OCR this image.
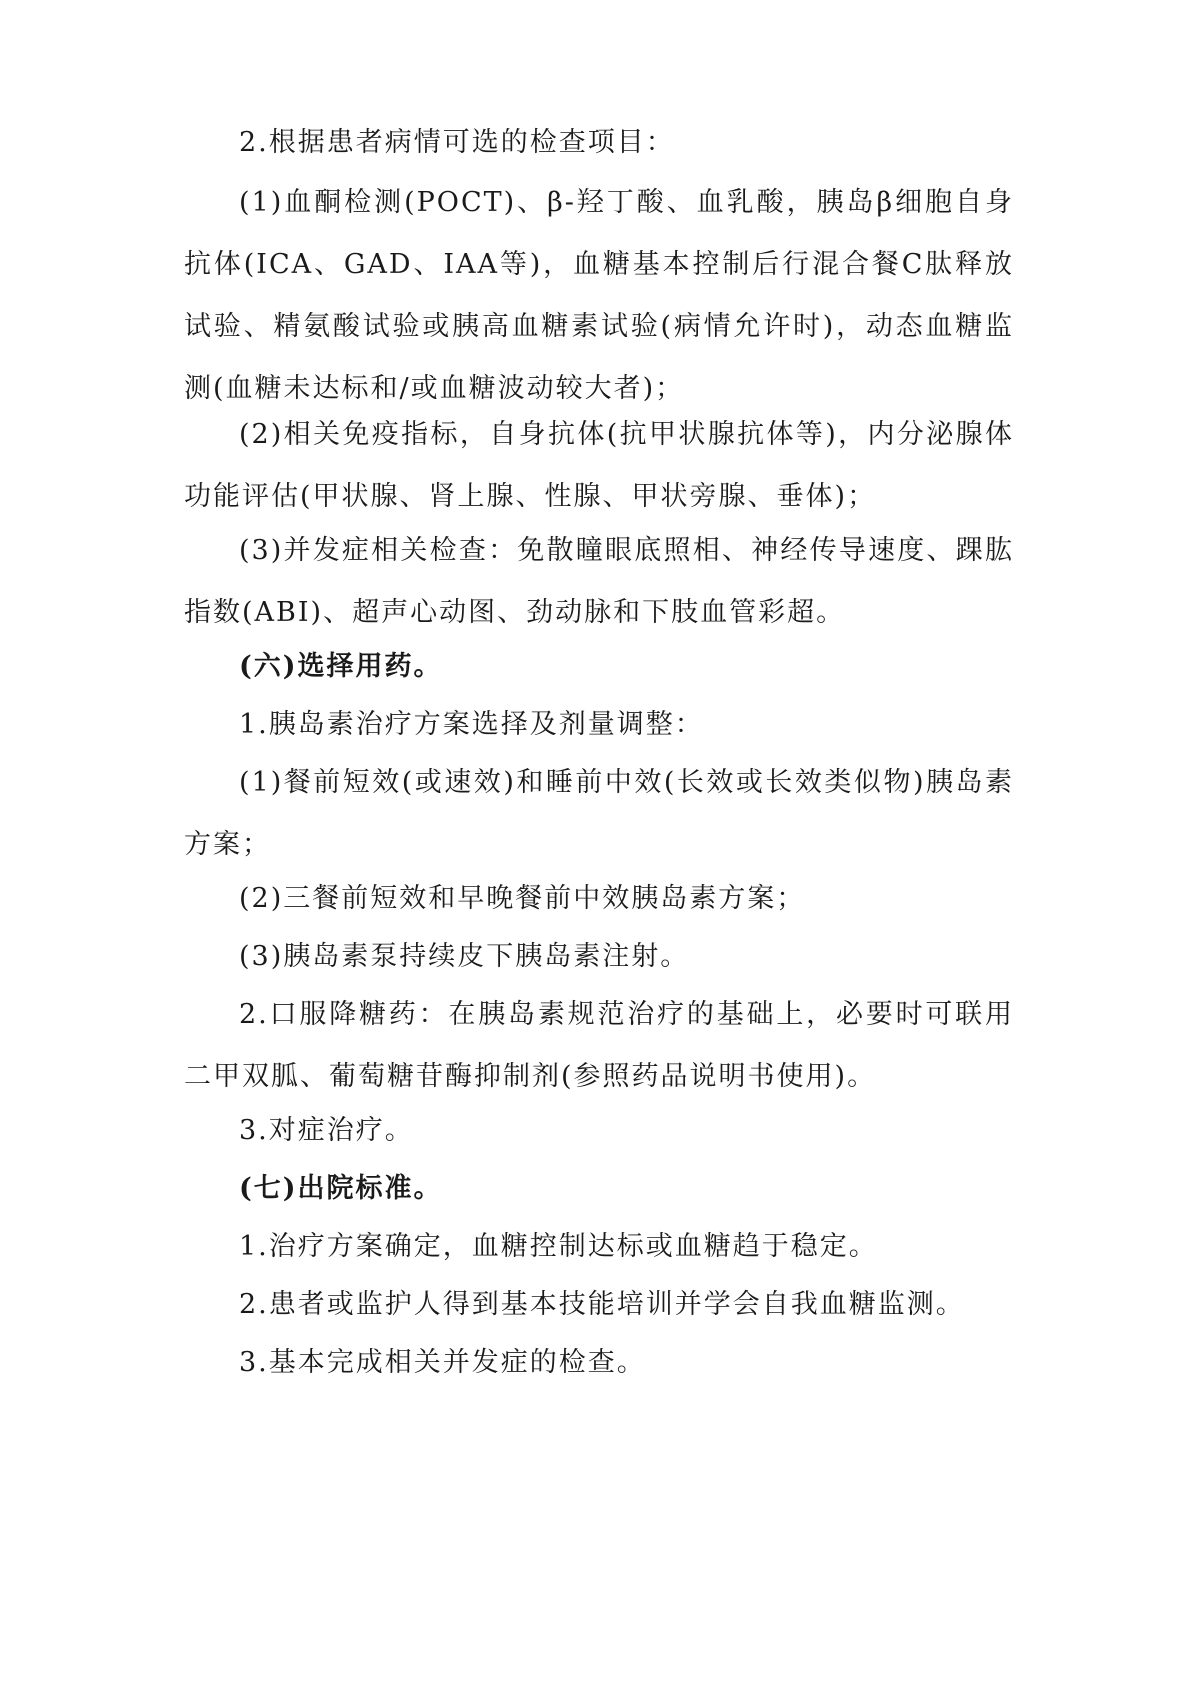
2.根据患者病情可选的检查项目：

(1)血酮检测(POCT)、β-羟丁酸、血乳酸，胰岛β细胞自身抗体(ICA、GAD、IAA等)，血糖基本控制后行混合餐C肽释放试验、精氨酸试验或胰高血糖素试验(病情允许时)，动态血糖监测(血糖未达标和/或血糖波动较大者)；

(2)相关免疫指标，自身抗体(抗甲状腺抗体等)，内分泌腺体功能评估(甲状腺、肾上腺、性腺、甲状旁腺、垂体)；

(3)并发症相关检查：免散瞳眼底照相、神经传导速度、踝肱指数(ABI)、超声心动图、劲动脉和下肢血管彩超。

(六)选择用药。

1.胰岛素治疗方案选择及剂量调整：

(1)餐前短效(或速效)和睡前中效(长效或长效类似物)胰岛素方案；

(2)三餐前短效和早晚餐前中效胰岛素方案；

(3)胰岛素泵持续皮下胰岛素注射。

2.口服降糖药：在胰岛素规范治疗的基础上，必要时可联用二甲双胍、葡萄糖苷酶抑制剂(参照药品说明书使用)。

3.对症治疗。

(七)出院标准。

1.治疗方案确定，血糖控制达标或血糖趋于稳定。

2.患者或监护人得到基本技能培训并学会自我血糖监测。

3.基本完成相关并发症的检查。
